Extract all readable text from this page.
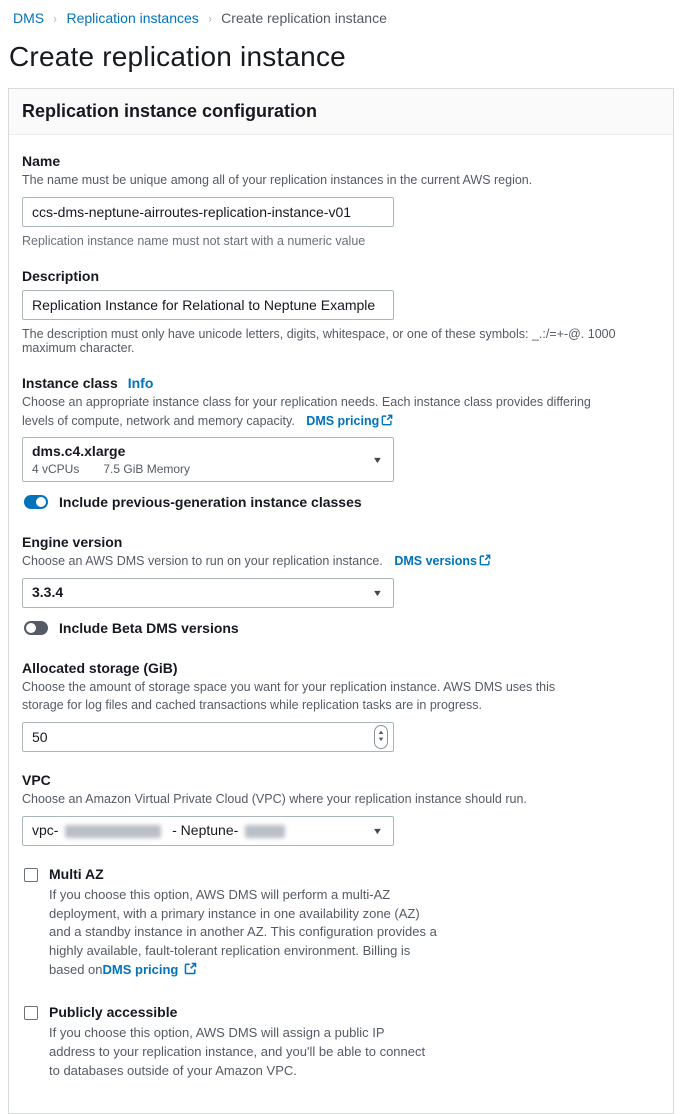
DMS › Replication instances › Create replication instance
Create replication instance
Replication instance configuration
Name
The name must be unique among all of your replication instances in the current AWS region.
ccs-dms-neptune-airroutes-replication-instance-v01
Replication instance name must not start with a numeric value
Description
Replication Instance for Relational to Neptune Example
The description must only have unicode letters, digits, whitespace, or one of these symbols: _.:/=+-@. 1000 maximum character.
Instance class Info
Choose an appropriate instance class for your replication needs. Each instance class provides differing levels of compute, network and memory capacity. DMS pricing
dms.c4.xlarge
4 vCPUs 7.5 GiB Memory
▼
Include previous-generation instance classes
Engine version
Choose an AWS DMS version to run on your replication instance. DMS versions
3.3.4	▼
Include Beta DMS versions
Allocated storage (GiB)
Choose the amount of storage space you want for your replication instance. AWS DMS uses this storage for log files and cached transactions while replication tasks are in progress.
50
▲
▼
VPC
Choose an Amazon Virtual Private Cloud (VPC) where your replication instance should run.
vpc-	- Neptune-	▼
Multi AZ
If you choose this option, AWS DMS will perform a multi-AZ deployment, with a primary instance in one availability zone (AZ) and a standby instance in another AZ. This configuration provides a highly available, fault-tolerant replication environment. Billing is based onDMS pricing
Publicly accessible
If you choose this option, AWS DMS will assign a public IP address to your replication instance, and you'll be able to connect to databases outside of your Amazon VPC.
